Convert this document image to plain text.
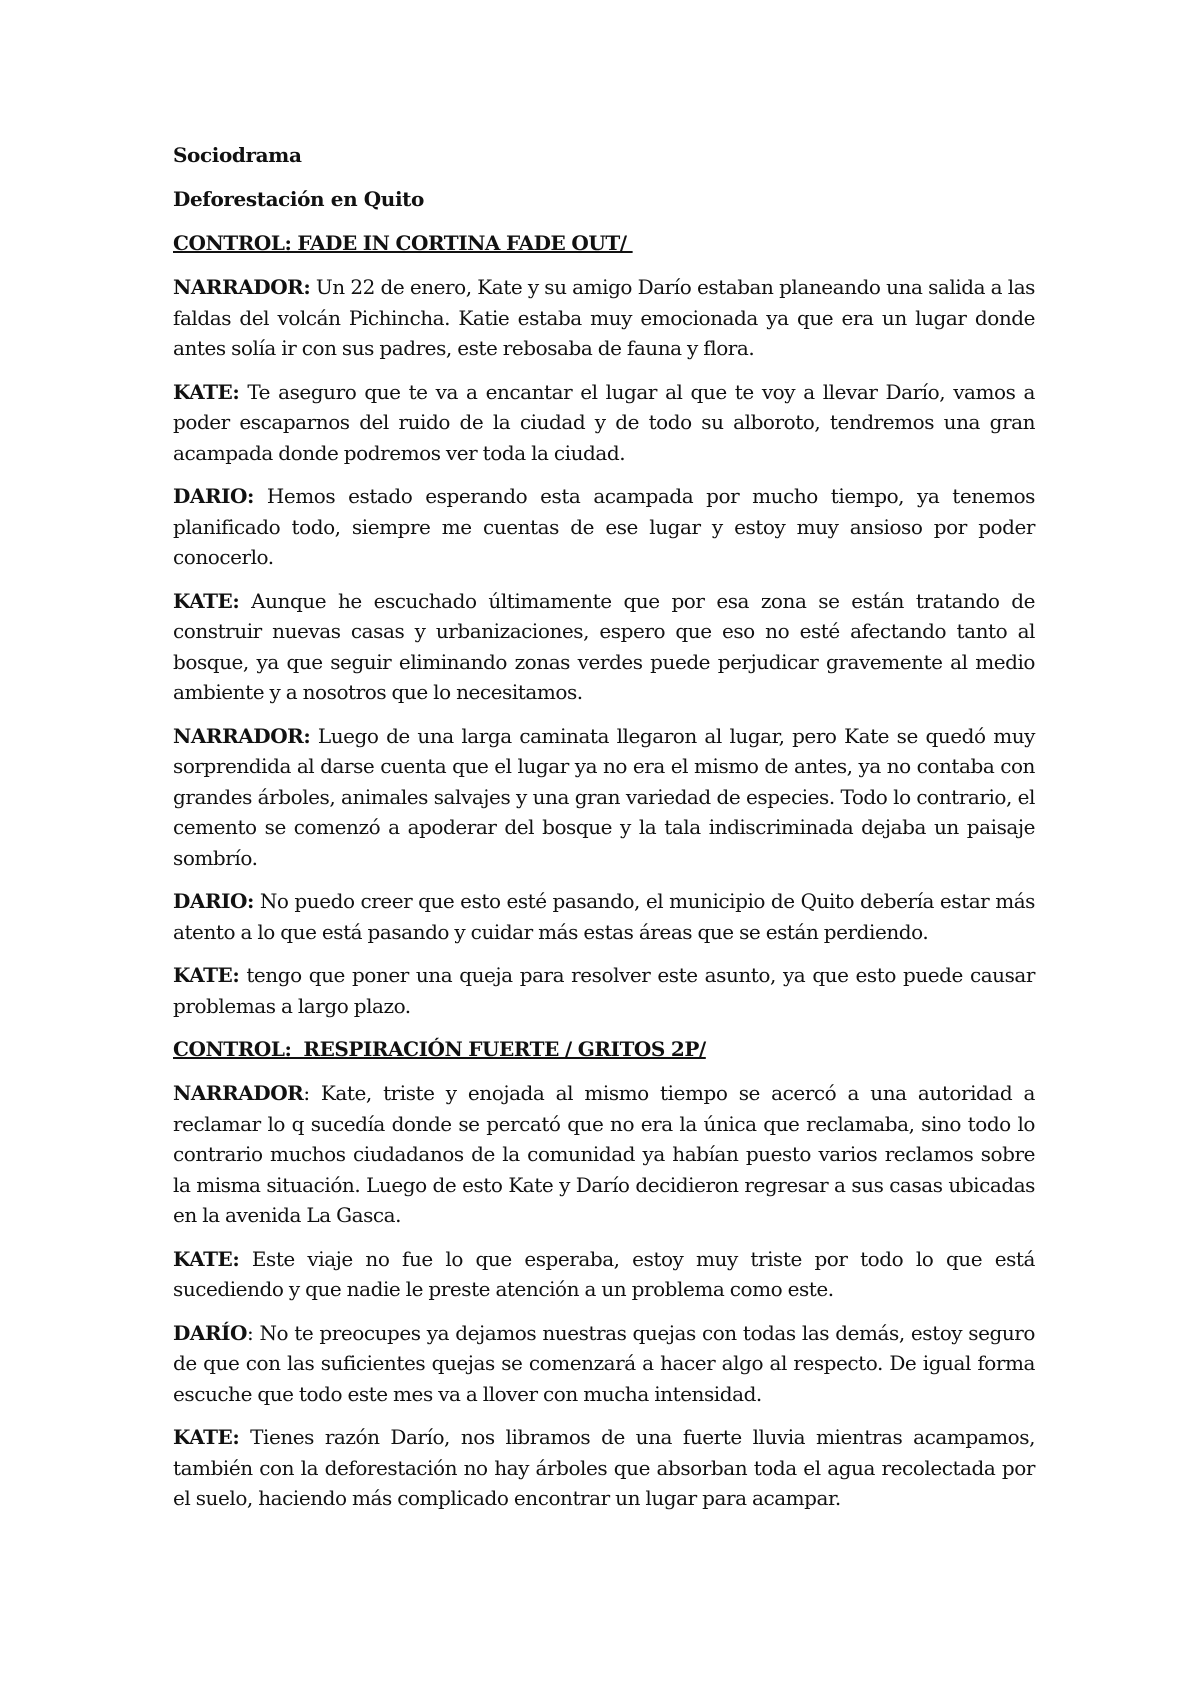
Sociodrama
Deforestación en Quito
CONTROL: FADE IN CORTINA FADE OUT/

NARRADOR: Un 22 de enero, Kate y su amigo Darío estaban planeando una salida a las faldas del volcán Pichincha. Katie estaba muy emocionada ya que era un lugar donde antes solía ir con sus padres, este rebosaba de fauna y flora.

KATE: Te aseguro que te va a encantar el lugar al que te voy a llevar Darío, vamos a poder escaparnos del ruido de la ciudad y de todo su alboroto, tendremos una gran acampada donde podremos ver toda la ciudad.

DARIO: Hemos estado esperando esta acampada por mucho tiempo, ya tenemos planificado todo, siempre me cuentas de ese lugar y estoy muy ansioso por poder conocerlo.

KATE: Aunque he escuchado últimamente que por esa zona se están tratando de construir nuevas casas y urbanizaciones, espero que eso no esté afectando tanto al bosque, ya que seguir eliminando zonas verdes puede perjudicar gravemente al medio ambiente y a nosotros que lo necesitamos.

NARRADOR: Luego de una larga caminata llegaron al lugar, pero Kate se quedó muy sorprendida al darse cuenta que el lugar ya no era el mismo de antes, ya no contaba con grandes árboles, animales salvajes y una gran variedad de especies. Todo lo contrario, el cemento se comenzó a apoderar del bosque y la tala indiscriminada dejaba un paisaje sombrío.

DARIO: No puedo creer que esto esté pasando, el municipio de Quito debería estar más atento a lo que está pasando y cuidar más estas áreas que se están perdiendo.

KATE: tengo que poner una queja para resolver este asunto, ya que esto puede causar problemas a largo plazo.

CONTROL:  RESPIRACIÓN FUERTE / GRITOS 2P/

NARRADOR: Kate, triste y enojada al mismo tiempo se acercó a una autoridad a reclamar lo q sucedía donde se percató que no era la única que reclamaba, sino todo lo contrario muchos ciudadanos de la comunidad ya habían puesto varios reclamos sobre la misma situación. Luego de esto Kate y Darío decidieron regresar a sus casas ubicadas en la avenida La Gasca.

KATE: Este viaje no fue lo que esperaba, estoy muy triste por todo lo que está sucediendo y que nadie le preste atención a un problema como este.

DARÍO: No te preocupes ya dejamos nuestras quejas con todas las demás, estoy seguro de que con las suficientes quejas se comenzará a hacer algo al respecto. De igual forma escuche que todo este mes va a llover con mucha intensidad.

KATE: Tienes razón Darío, nos libramos de una fuerte lluvia mientras acampamos, también con la deforestación no hay árboles que absorban toda el agua recolectada por el suelo, haciendo más complicado encontrar un lugar para acampar.
